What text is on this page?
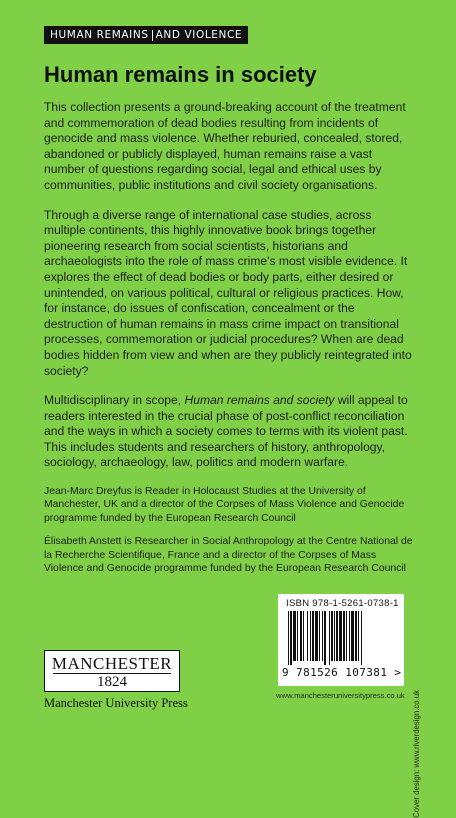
HUMAN REMAINS AND VIOLENCE
Human remains in society

This collection presents a ground-breaking account of the treatment and commemoration of dead bodies resulting from incidents of genocide and mass violence. Whether reburied, concealed, stored, abandoned or publicly displayed, human remains raise a vast number of questions regarding social, legal and ethical uses by communities, public institutions and civil society organisations.

Through a diverse range of international case studies, across multiple continents, this highly innovative book brings together pioneering research from social scientists, historians and archaeologists into the role of mass crime's most visible evidence. It explores the effect of dead bodies or body parts, either desired or unintended, on various political, cultural or religious practices. How, for instance, do issues of confiscation, concealment or the destruction of human remains in mass crime impact on transitional processes, commemoration or judicial procedures? When are dead bodies hidden from view and when are they publicly reintegrated into society?

Multidisciplinary in scope, Human remains and society will appeal to readers interested in the crucial phase of post-conflict reconciliation and the ways in which a society comes to terms with its violent past. This includes students and researchers of history, anthropology, sociology, archaeology, law, politics and modern warfare.

Jean-Marc Dreyfus is Reader in Holocaust Studies at the University of Manchester, UK and a director of the Corpses of Mass Violence and Genocide programme funded by the European Research Council

Élisabeth Anstett is Researcher in Social Anthropology at the Centre National de la Recherche Scientifique, France and a director of the Corpses of Mass Violence and Genocide programme funded by the European Research Council

MANCHESTER
1824
Manchester University Press
ISBN 978-1-5261-0738-1
9 781526 107381 >
www.manchesteruniversitypress.co.uk Cover design: www.riverdesign.co.uk
